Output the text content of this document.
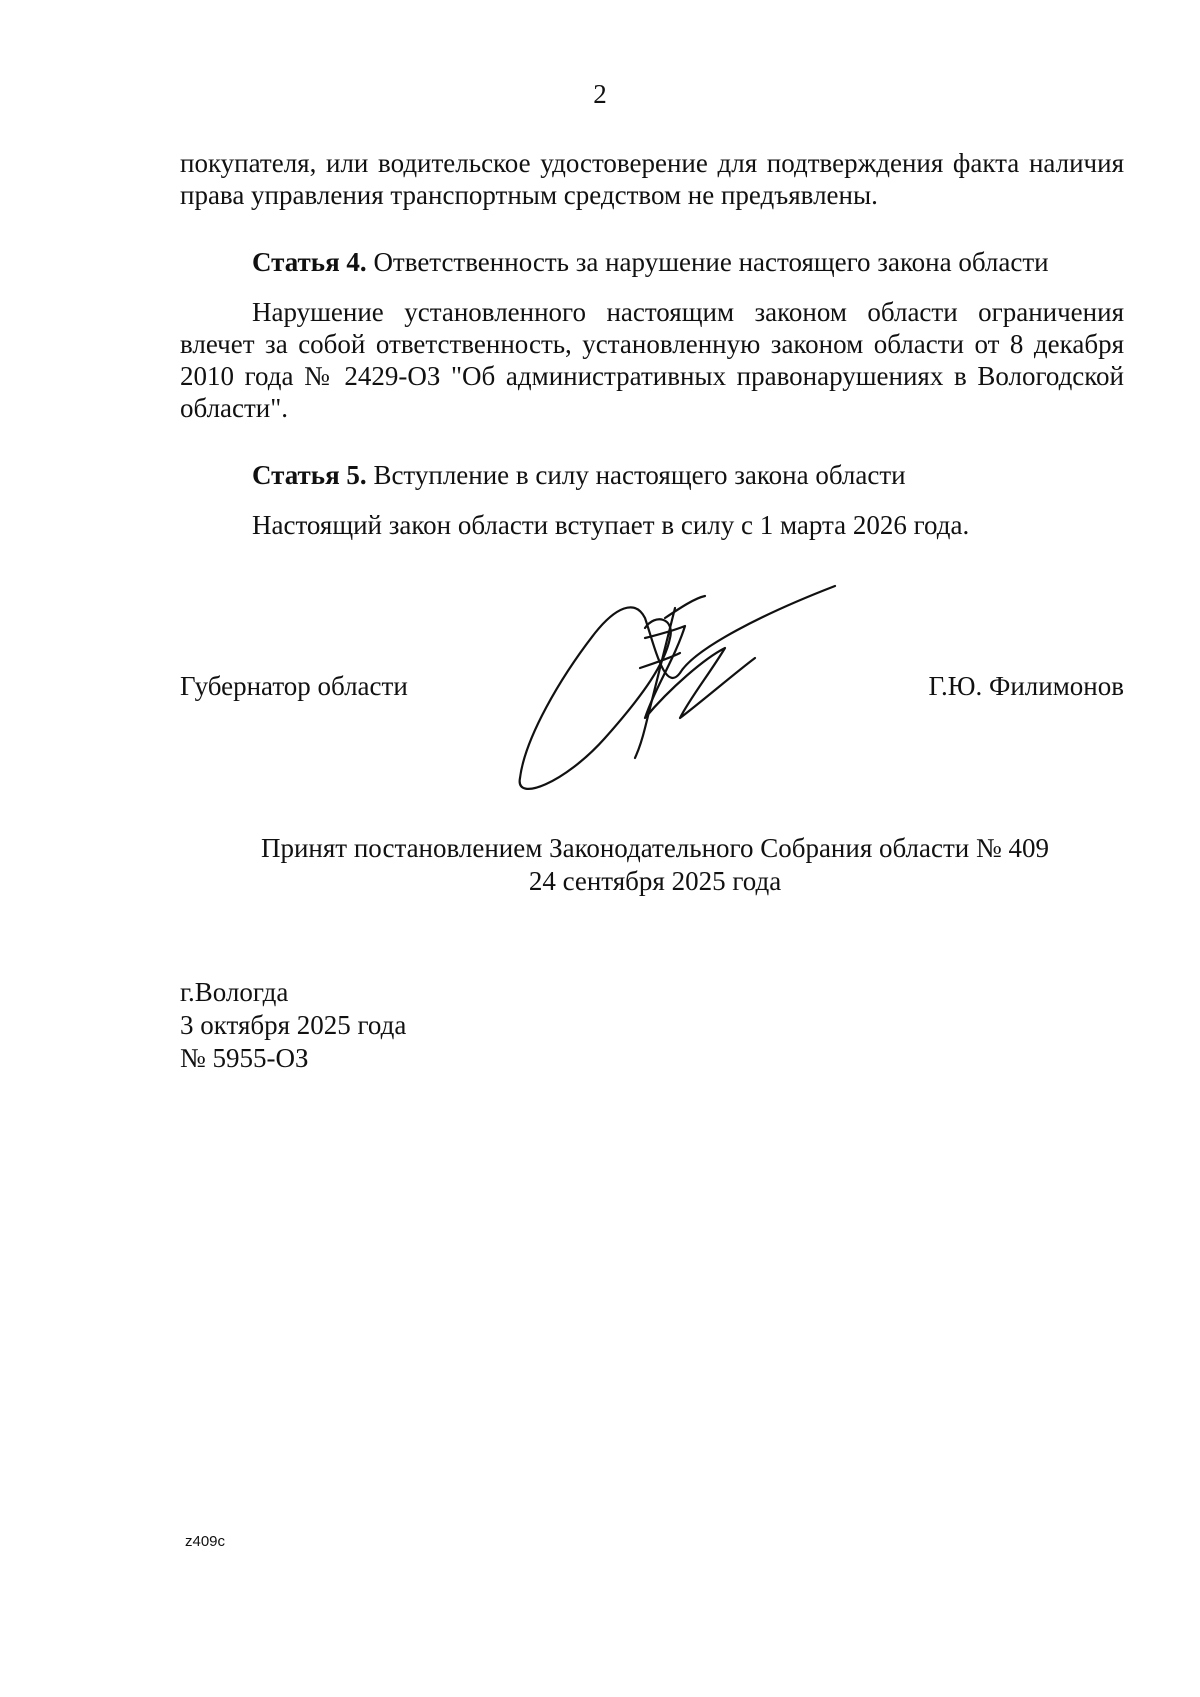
2
покупателя, или водительское удостоверение для подтверждения факта наличия права управления транспортным средством не предъявлены.
Статья 4. Ответственность за нарушение настоящего закона области
Нарушение установленного настоящим законом области ограничения влечет за собой ответственность, установленную законом области от 8 декабря 2010 года № 2429-ОЗ "Об административных правонарушениях в Вологодской области".
Статья 5. Вступление в силу настоящего закона области
Настоящий закон области вступает в силу с 1 марта 2026 года.
Губернатор области	Г.Ю. Филимонов
Принят постановлением Законодательного Собрания области № 409
24 сентября 2025 года
г.Вологда
3 октября 2025 года
№ 5955-ОЗ
z409c
